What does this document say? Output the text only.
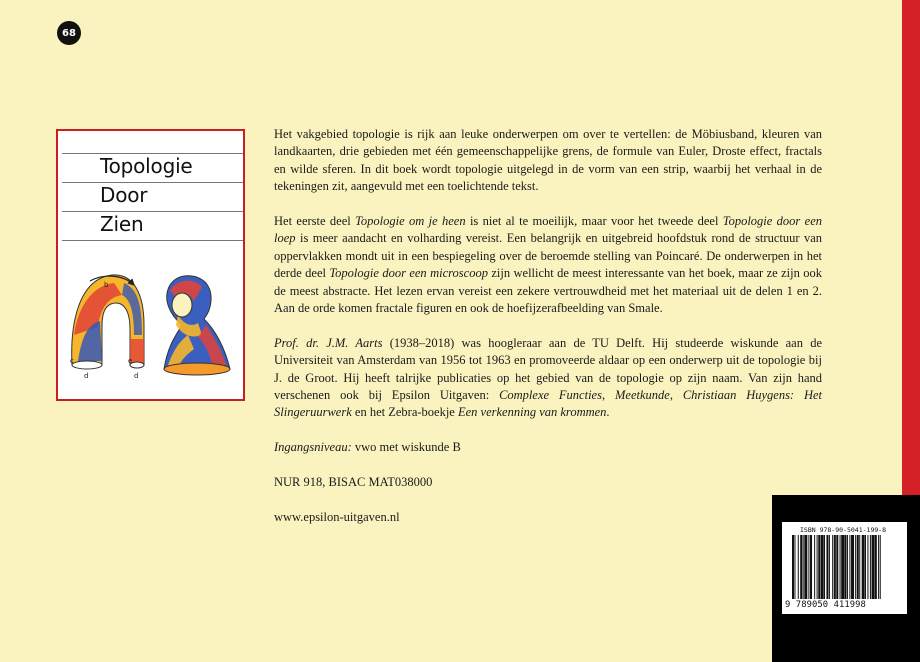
68
Topologie
Door
Zien
b
c
d
e
d

Het vakgebied topologie is rijk aan leuke onderwerpen om over te vertellen: de Möbiusband, kleuren van landkaarten, drie gebieden met één gemeenschappelijke grens, de formule van Euler, Droste effect, fractals en wilde sferen. In dit boek wordt topologie uitgelegd in de vorm van een strip, waarbij het verhaal in de tekeningen zit, aangevuld met een toelichtende tekst.

Het eerste deel Topologie om je heen is niet al te moeilijk, maar voor het tweede deel Topologie door een loep is meer aandacht en volharding vereist. Een belangrijk en uitgebreid hoofdstuk rond de structuur van oppervlakken mondt uit in een bespiegeling over de beroemde stelling van Poincaré. De onderwerpen in het derde deel Topologie door een microscoop zijn wellicht de meest interessante van het boek, maar ze zijn ook de meest abstracte. Het lezen ervan vereist een zekere vertrouwdheid met het materiaal uit de delen 1 en 2. Aan de orde komen fractale figuren en ook de hoefijzerafbeelding van Smale.

Prof. dr. J.M. Aarts (1938–2018) was hoogleraar aan de TU Delft. Hij studeerde wiskunde aan de Universiteit van Amsterdam van 1956 tot 1963 en promoveerde aldaar op een onderwerp uit de topologie bij J. de Groot. Hij heeft talrijke publicaties op het gebied van de topologie op zijn naam. Van zijn hand verschenen ook bij Epsilon Uitgaven: Complexe Functies, Meetkunde, Christiaan Huygens: Het Slingeruurwerk en het Zebra-boekje Een verkenning van krommen.

Ingangsniveau: vwo met wiskunde B

NUR 918, BISAC MAT038000

www.epsilon-uitgaven.nl

ISBN 978-90-5041-199-8
9 789050 411998
